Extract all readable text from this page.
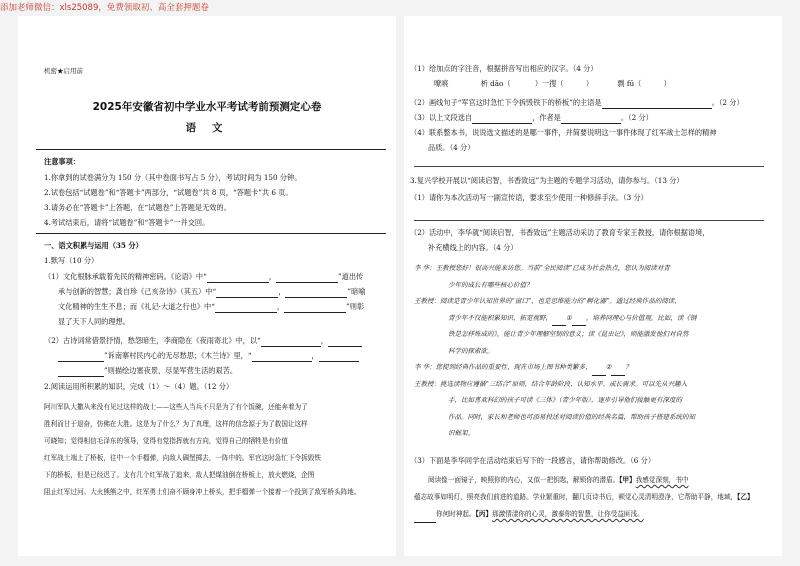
添加老师微信：xls25089，免费领取初、高全套押题卷
机密★启用前
2025年安徽省初中学业水平考试考前预测定心卷
语 文
注意事项：
1.你拿到的试卷满分为 150 分（其中卷面书写占 5 分），考试时间为 150 分钟。
2.试卷包括“试题卷”和“答题卡”两部分，“试题卷”共 8 页，“答题卡”共 6 页。
3.请务必在“答题卡”上答题，在“试题卷”上答题是无效的。
4.考试结束后，请将“试题卷”和“答题卡”一并交回。
一、语文积累与运用（35 分）
1.默写（10 分）
（1）文化根脉承载着先民的精神密码。《论语》中“	，	”道出传
承与创新的智慧；龚自珍《己亥杂诗》（其五）中“	，	”暗喻
文化精神的生生不息；而《礼记·大道之行也》中“	，	”则彰
显了天下人同的理想。
（2）古诗词常借景抒情，愁怨暗生，李商隐在《夜雨寄北》中，以“	，
”诉南寨村民内心的无尽愁思；《木兰诗》里，“	，
”则描绘边塞夜景，尽显军营生活的艰苦。
2.阅读运用所积累的知识，完成（1）～（4）题。（12 分）
阿川军队大撒从来没有见过这样的战士——这些人当兵不只是为了有个饭碗，还能奔着为了
胜利而甘于退奋，仿佛在大胜。这是为了什么？为了真理，这样的信念源于为了救国让这样
可晓知；觉得相信毛泽东的领导，觉得有党指挥就有方向，觉得自己的牺牲是有价值
红军战士端上了桥板，往中一个手榴弹，向敌人碉堡掷去，一阵中的。军官这时急忙下令拆毁铁
下的桥板，但是已经迟了。支有几个红军战了追来，敌人把煤油倒在桥板上，放火燃烧，企图
阻止红军过河。大火熊熊之中，红军勇士们奋不顾身冲上桥头，把手榴弹一个接着一个投到了敌军桥头阵地。
（1）给加点的字注音，根据拼音写出相应的汉字。（4 分）
嘹喨	析 dāo（	）一搜（	）	剽 fū（	）
（2）画线句子“军官这时急忙下令拆毁铁下的桥板”的主语是	。（2 分）
（3）以上文段选自	，作者是	。（2 分）
（4）联系整本书，说说选文描述的是哪一事件，并简要说明这一事件体现了红军战士怎样的精神
品质。（4 分）
3.复兴学校开展以“阅读启智，书香致远”为主题的专题学习活动，请你参与。（13 分）
（1）请你为本次活动写一副宣传语，要求至少使用一种修辞手法。（3 分）
（2）活动中，李华就“阅读启智，书香致远”主题活动采访了教育专家王教授，请你根据语境，
补充横线上的内容。（4 分）
李 华：王教授您好！很高兴能来访您。当前“全民阅读”已成为社会热点，您认为阅读对青
少年的成长有哪些核心价值？
王教授：阅读是青少年认知世界的“窗口”，也是思维能力的“孵化器”。通过经典作品的阅读，
青少年不仅能积累知识、拓宽视野， ① ，培养同理心与价值观。比如，读《钢
铁是怎样炼成的》，能让青少年理解坚韧的意义；读《昆虫记》，则能激发他们对自然
科学的探索欲。
李 华：您提到经典作品的重要性，现在市场上图书种类繁多， ② ？
王教授：挑选读物应遵循“三结合”原则，结合年龄阶段、认知水平、成长需求。可以先从兴趣入
手，比如喜欢科幻的孩子可读《三体》（青少年版），逐步引导他们接触更有深度的
作品。同时，家长和老师也可添易投述对阅读价值的经典名篇，帮助孩子搭建系统的知
识框架。
（3）下面是李华同学在活动结束后写下的一段感言，请你帮助修改。（6 分）
阅读像一面镜子，映照你的内心，又似一把钥匙，解锁你的潜盾。【甲】我感觉深刻，书中
蕴志故事如明灯，照亮我们前进的道路。学业繁重时，翻几页诗书后，顿觉心灵清明澄净，它帮助平静，地域，【乙】
你何时神起。【丙】那激情漾你的心灵，激泰你的智慧，让你受益匪浅。
